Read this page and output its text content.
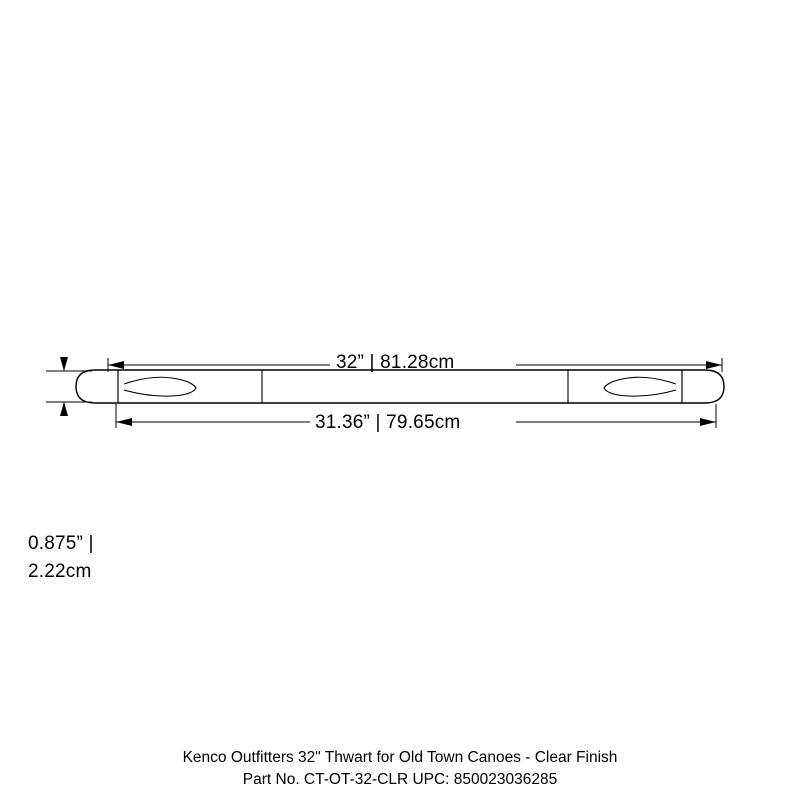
32” | 81.28cm
31.36” | 79.65cm
0.875” |
2.22cm
Kenco Outfitters 32" Thwart for Old Town Canoes - Clear Finish
Part No. CT-OT-32-CLR UPC: 850023036285
